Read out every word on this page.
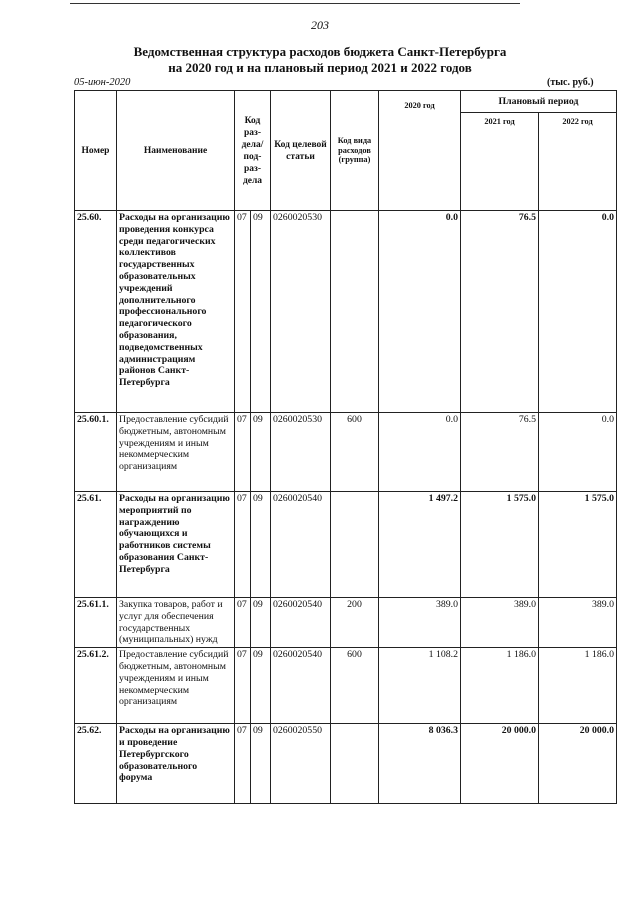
203
Ведомственная структура расходов бюджета Санкт-Петербурга
на 2020 год и на плановый период 2021 и 2022 годов
05-июн-2020	(тыс. руб.)
Номер	Наименование	Код раз- дела/ под- раз- дела		Код целевой статьи	Код вида расходов (группа)	2020 год	Плановый период	
							2021 год	2022 год
25.60.	Расходы на организацию проведения конкурса среди педагогических коллективов государственных образовательных учреждений дополнительного профессионального педагогического образования, подведомственных администрациям районов Санкт-Петербурга	07	09	0260020530		0.0	76.5	0.0
25.60.1.	Предоставление субсидий бюджетным, автономным учреждениям и иным некоммерческим организациям	07	09	0260020530	600	0.0	76.5	0.0
25.61.	Расходы на организацию мероприятий по награждению обучающихся и работников системы образования Санкт-Петербурга	07	09	0260020540		1 497.2	1 575.0	1 575.0
25.61.1.	Закупка товаров, работ и услуг для обеспечения государственных (муниципальных) нужд	07	09	0260020540	200	389.0	389.0	389.0
25.61.2.	Предоставление субсидий бюджетным, автономным учреждениям и иным некоммерческим организациям	07	09	0260020540	600	1 108.2	1 186.0	1 186.0
25.62.	Расходы на организацию и проведение Петербургского образовательного форума	07	09	0260020550		8 036.3	20 000.0	20 000.0
